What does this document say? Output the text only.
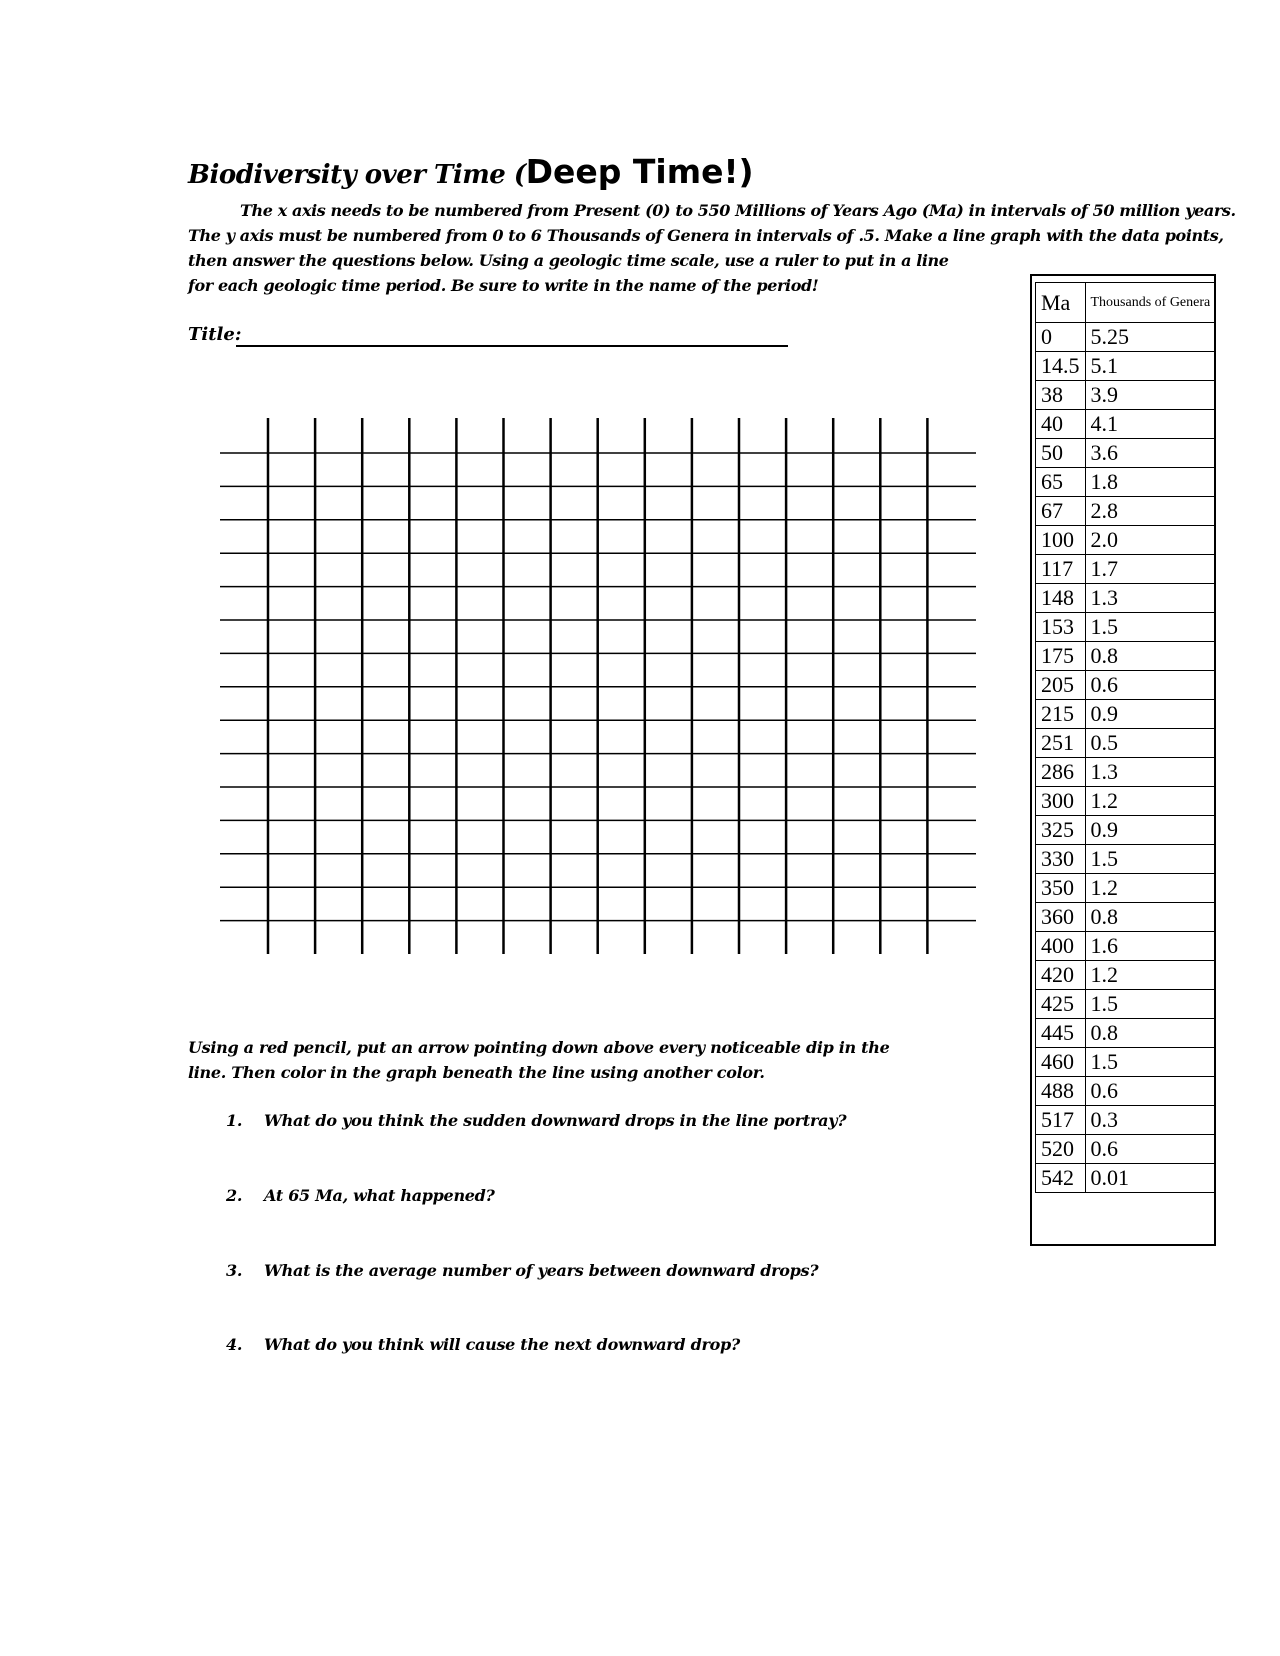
Biodiversity over Time (Deep Time!)
The x axis needs to be numbered from Present (0) to 550 Millions of Years Ago (Ma) in intervals of 50 million years.
The y axis must be numbered from 0 to 6 Thousands of Genera in intervals of .5. Make a line graph with the data points,
then answer the questions below. Using a geologic time scale, use a ruler to put in a line
for each geologic time period. Be sure to write in the name of the period!
Title:
Using a red pencil, put an arrow pointing down above every noticeable dip in the
line. Then color in the graph beneath the line using another color.
1. What do you think the sudden downward drops in the line portray?
2. At 65 Ma, what happened?
3. What is the average number of years between downward drops?
4. What do you think will cause the next downward drop?
Ma	Thousands of Genera
0	5.25
14.5	5.1
38	3.9
40	4.1
50	3.6
65	1.8
67	2.8
100	2.0
117	1.7
148	1.3
153	1.5
175	0.8
205	0.6
215	0.9
251	0.5
286	1.3
300	1.2
325	0.9
330	1.5
350	1.2
360	0.8
400	1.6
420	1.2
425	1.5
445	0.8
460	1.5
488	0.6
517	0.3
520	0.6
542	0.01
